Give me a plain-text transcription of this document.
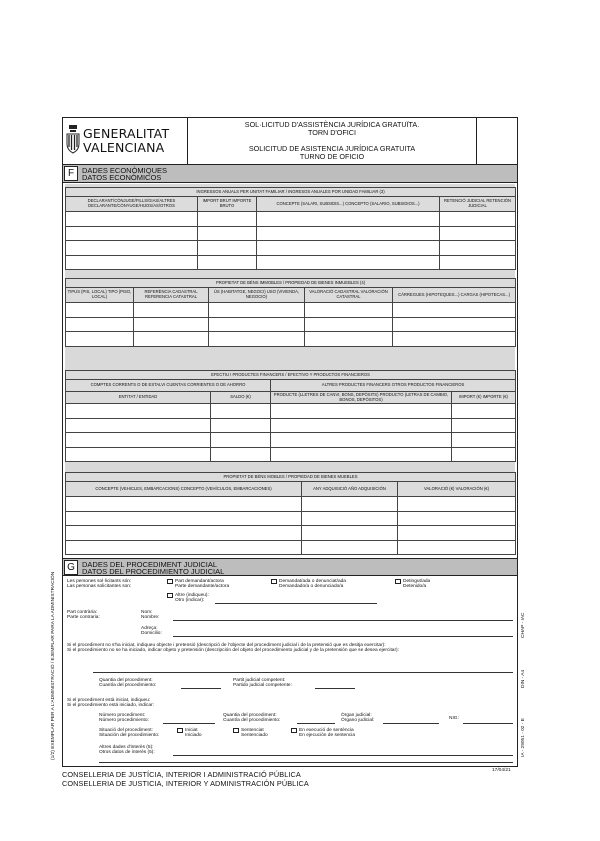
(1/2) EXEMPLAR PER A L'ADMINISTRACIÓ / EJEMPLAR PARA LA ADMINISTRACIÓN	CHAP - IAC
DIN - A4
IA - 29051 - 02 - E
GENERALITAT
VALENCIANA
SOL·LICITUD D'ASSISTÈNCIA JURÍDICA GRATUÏTA.
TORN D'OFICI
SOLICITUD DE ASISTENCIA JURÍDICA GRATUITA
TURNO DE OFICIO
F	DADES ECONÒMIQUES
DATOS ECONÓMICOS
INGRESSOS ANUALS PER UNITAT FAMILIAR / INGRESOS ANUALES POR UNIDAD FAMILIAR (3)			
DECLARANT/CÒNJUGE/FILLS/GIAS/ALTRES DECLARANTE/CÓNYUGE/HIJOS/AS/OTROS	IMPORT BRUT IMPORTE BRUTO	CONCEPTE (SALARI, SUBSIDIS...) CONCEPTO (SALARIO, SUBSIDIOS...)	RETENCIÓ JUDICIAL RETENCIÓN JUDICIAL

PROPIETAT DE BÉNS IMMOBLES / PROPIEDAD DE BIENES INMUEBLES (4)				
TIPUS (PIS, LOCAL) TIPO (PISO, LOCAL)	REFERÈNCIA CADASTRAL REFERENCIA CATASTRAL	ÚS (HABITATGE, NEGOCI) USO (VIVIENDA, NEGOCIO)	VALORACIÓ CADASTRAL VALORACIÓN CATASTRAL	CÀRREGUES (HIPOTEQUES...) CARGAS (HIPOTECAS...)

EFECTIU I PRODUCTES FINANCERS / EFECTIVO Y PRODUCTOS FINANCIEROS			
COMPTES CORRENTS O DE ESTALVI CUENTAS CORRIENTES O DE AHORRO		ALTRES PRODUCTES FINANCERS OTROS PRODUCTOS FINANCIEROS	
ENTITAT / ENTIDAD	SALDO (€)	PRODUCTE (LLETRES DE CANVI, BONS, DEPÒSITS) PRODUCTO (LETRAS DE CAMBIO, BONOS, DEPÓSITOS)	IMPORT (€) IMPORTE (€)

PROPIETAT DE BÉNS MOBLES / PROPIEDAD DE BIENES MUEBLES		
CONCEPTE (VEHICLES, EMBARCACIONS) CONCEPTO (VEHÍCULOS, EMBARCACIONES)	ANY ADQUISICIÓ AÑO ADQUISICIÓN	VALORACIÓ (€) VALORACIÓN (€)

G DADES DEL PROCEDIMENT JUDICIAL
DATOS DEL PROCEDIMIENTO JUDICIAL
Les persones sol·licitants són:
Las personas solicitantes son:
Part demandant/actora
Parte demandante/actora
Demandat/ada o denunciat/ada
Demandado/a o denunciado/a
Detingut/ada
Detenido/a
Altre (indiqueu):
Otro (indicar):
Part contrària:
Parte contraria:
Nom:
Nombre:
Adreça:
Domicilio:
Si el procediment no s'ha iniciat, indiqueu objecte i pretensió (descripció de l'objecte del procediment judicial i de la pretensió que es desitja exercitar):
Si el procedimiento no se ha iniciado, indicar objeto y pretensión (descripción del objeto del procedimiento judicial y de la pretensión que se desea ejercitar):
Quantia del procediment:
Cuantía del procedimiento:
Partit judicial competent:
Partido judicial competente:
Si el procediment està iniciat, indiqueu:
Si el procedimiento está iniciado, indicar:
Número procediment:
Número procedimiento:
Quantia del procediment:
Cuantía del procedimiento:
Òrgan judicial:
Órgano judicial:	NIG:
Situació del procediment:
Situación del procedimiento:
Iniciat
Iniciado
Sentenciat
Sentenciado
En execució de sentència
En ejecución de sentencia
Altres dades d'interès (5):
Otros datos de interés (5):
CONSELLERIA DE JUSTÍCIA, INTERIOR I ADMINISTRACIÓ PÚBLICA
CONSELLERIA DE JUSTICIA, INTERIOR Y ADMINISTRACIÓN PÚBLICA
17/04/21
